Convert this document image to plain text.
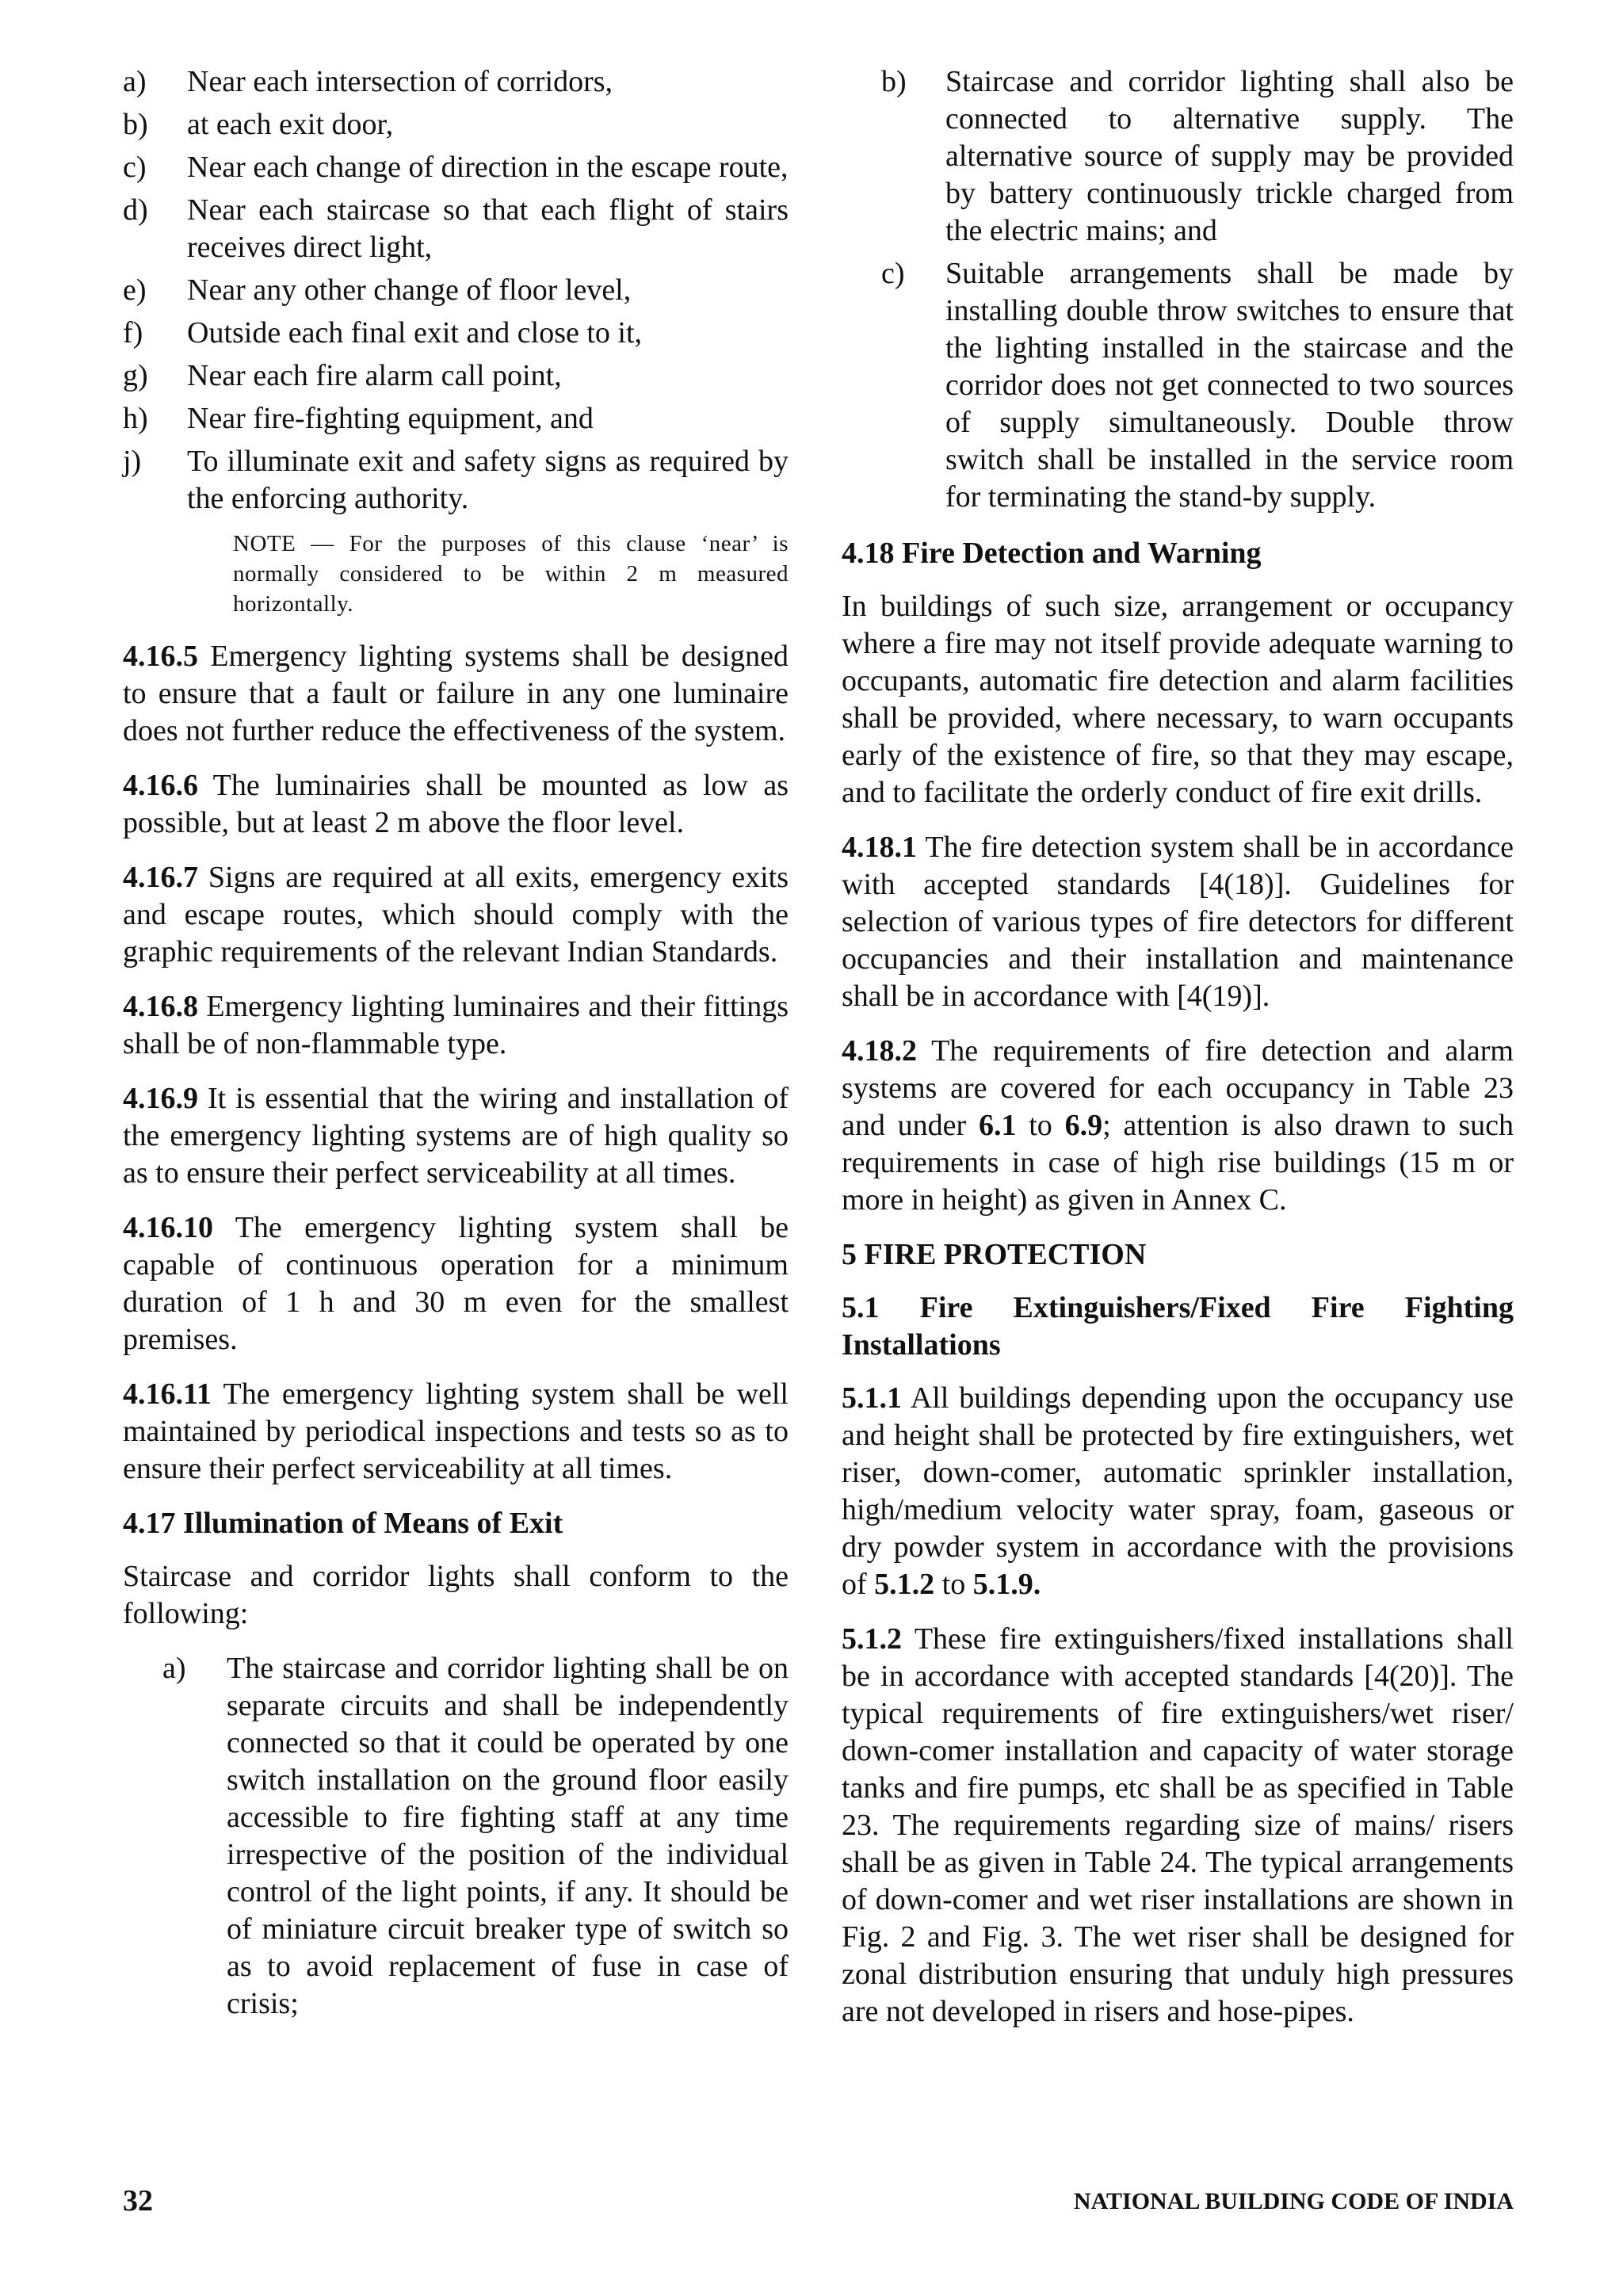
a)	Near each intersection of corridors,
b)	at each exit door,
c)	Near each change of direction in the escape route,
d)	Near each staircase so that each flight of stairs receives direct light,
e)	Near any other change of floor level,
f)	Outside each final exit and close to it,
g)	Near each fire alarm call point,
h)	Near fire-fighting equipment, and
j)	To illuminate exit and safety signs as required by the enforcing authority.

NOTE — For the purposes of this clause ‘near’ is normally considered to be within 2 m measured horizontally.

4.16.5 Emergency lighting systems shall be designed to ensure that a fault or failure in any one luminaire does not further reduce the effectiveness of the system.

4.16.6 The luminairies shall be mounted as low as possible, but at least 2 m above the floor level.

4.16.7 Signs are required at all exits, emergency exits and escape routes, which should comply with the graphic requirements of the relevant Indian Standards.

4.16.8 Emergency lighting luminaires and their fittings shall be of non-flammable type.

4.16.9 It is essential that the wiring and installation of the emergency lighting systems are of high quality so as to ensure their perfect serviceability at all times.

4.16.10 The emergency lighting system shall be capable of continuous operation for a minimum duration of 1 h and 30 m even for the smallest premises.

4.16.11 The emergency lighting system shall be well maintained by periodical inspections and tests so as to ensure their perfect serviceability at all times.

4.17 Illumination of Means of Exit

Staircase and corridor lights shall conform to the following:

a)	The staircase and corridor lighting shall be on separate circuits and shall be independently connected so that it could be operated by one switch installation on the ground floor easily accessible to fire fighting staff at any time irrespective of the position of the individual control of the light points, if any. It should be of miniature circuit breaker type of switch so as to avoid replacement of fuse in case of crisis;
b)	Staircase and corridor lighting shall also be connected to alternative supply. The alternative source of supply may be provided by battery continuously trickle charged from the electric mains; and
c)	Suitable arrangements shall be made by installing double throw switches to ensure that the lighting installed in the staircase and the corridor does not get connected to two sources of supply simultaneously. Double throw switch shall be installed in the service room for terminating the stand-by supply.
4.18 Fire Detection and Warning

In buildings of such size, arrangement or occupancy where a fire may not itself provide adequate warning to occupants, automatic fire detection and alarm facilities shall be provided, where necessary, to warn occupants early of the existence of fire, so that they may escape, and to facilitate the orderly conduct of fire exit drills.

4.18.1 The fire detection system shall be in accordance with accepted standards [4(18)]. Guidelines for selection of various types of fire detectors for different occupancies and their installation and maintenance shall be in accordance with [4(19)].

4.18.2 The requirements of fire detection and alarm systems are covered for each occupancy in Table 23 and under 6.1 to 6.9; attention is also drawn to such requirements in case of high rise buildings (15 m or more in height) as given in Annex C.

5 FIRE PROTECTION
5.1 Fire Extinguishers/Fixed Fire Fighting Installations

5.1.1 All buildings depending upon the occupancy use and height shall be protected by fire extinguishers, wet riser, down-comer, automatic sprinkler installation, high/medium velocity water spray, foam, gaseous or dry powder system in accordance with the provisions of 5.1.2 to 5.1.9.

5.1.2 These fire extinguishers/fixed installations shall be in accordance with accepted standards [4(20)]. The typical requirements of fire extinguishers/wet riser/ down-comer installation and capacity of water storage tanks and fire pumps, etc shall be as specified in Table 23. The requirements regarding size of mains/ risers shall be as given in Table 24. The typical arrangements of down-comer and wet riser installations are shown in Fig. 2 and Fig. 3. The wet riser shall be designed for zonal distribution ensuring that unduly high pressures are not developed in risers and hose-pipes.

32	NATIONAL BUILDING CODE OF INDIA
